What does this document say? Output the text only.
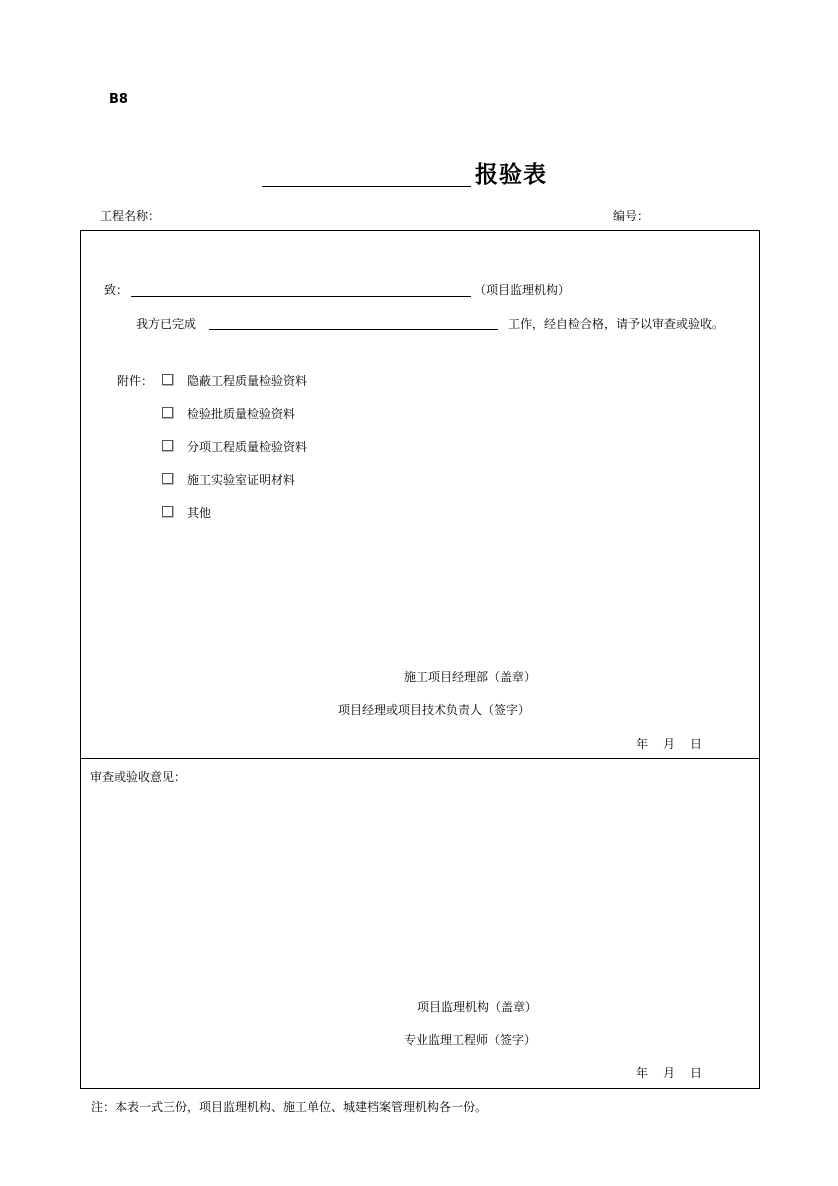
B8
报验表
工程名称：	编号：
致：	（项目监理机构）
我方已完成	工作，经自检合格，请予以审查或验收。
附件：	隐蔽工程质量检验资料
检验批质量检验资料
分项工程质量检验资料
施工实验室证明材料
其他
施工项目经理部（盖章）
项目经理或项目技术负责人（签字）
年 月 日
审查或验收意见：
项目监理机构（盖章）
专业监理工程师（签字）
年 月 日
注：本表一式三份，项目监理机构、施工单位、城建档案管理机构各一份。
